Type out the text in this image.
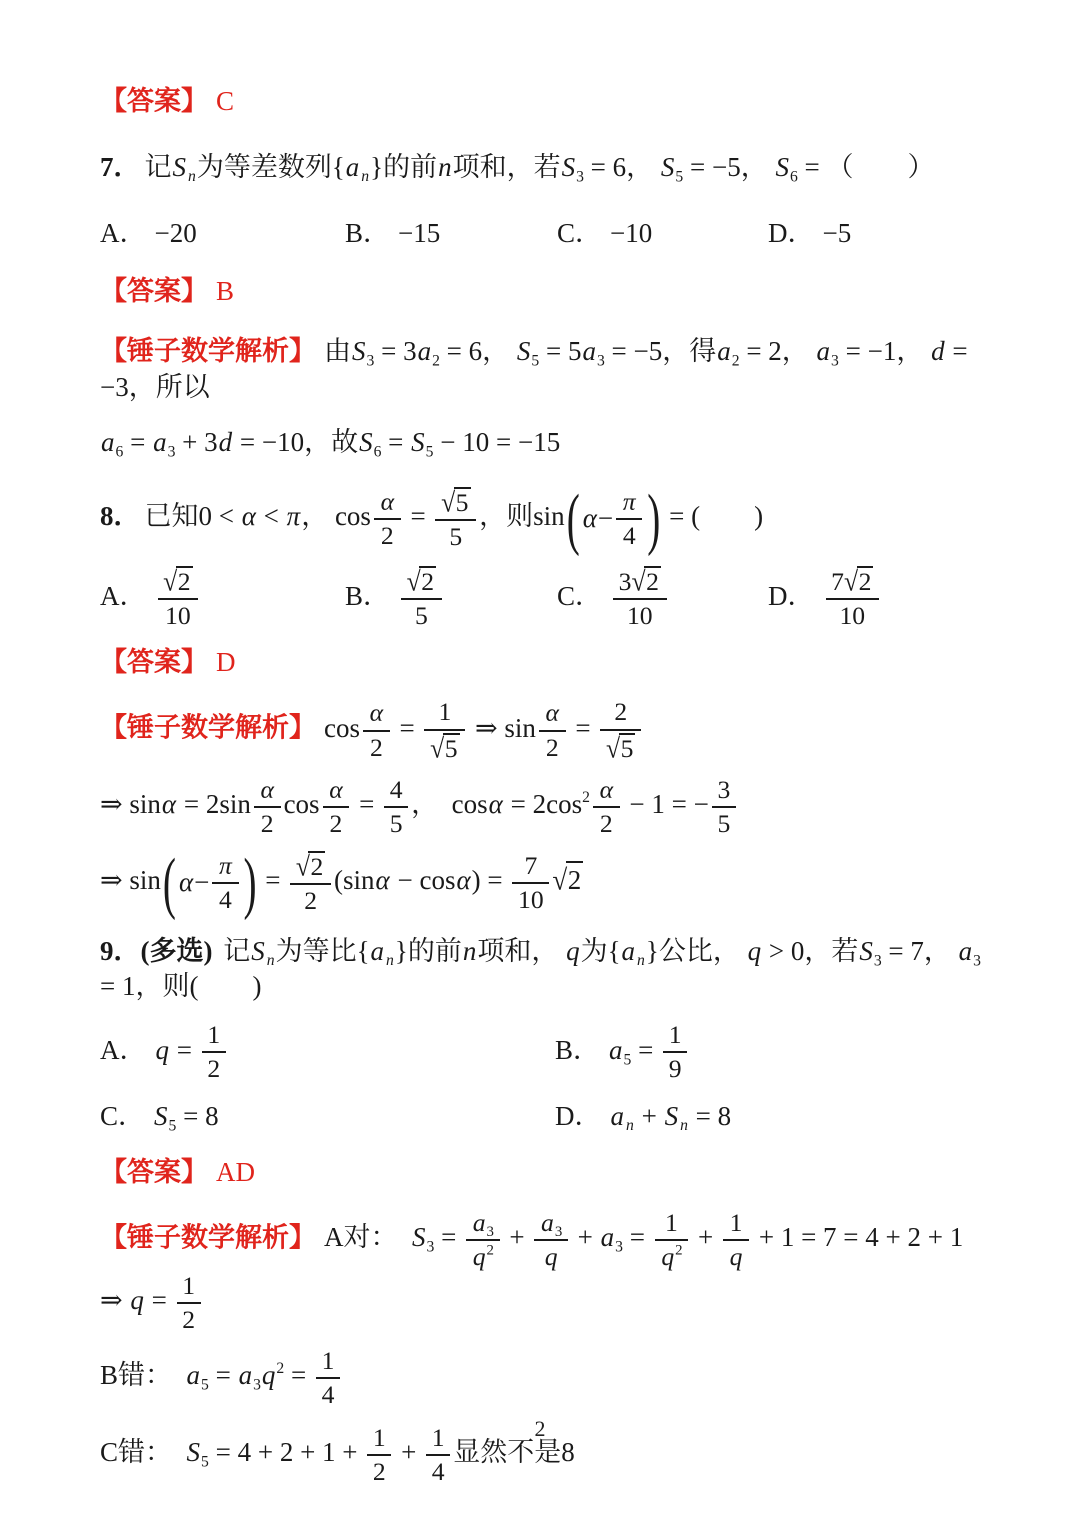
【答案】 C
7． 记S $_n$为等差数列{a $_n$}的前n项和，若$S_3 = 6$， $S_5 = -5$， $S_6$ = （　　 ）
A． −20	B． −15	C． −10	D． −5
【答案】 B
【锤子数学解析】 由$S_3 = 3a_2 = 6$， $S_5 = 5a_3 = -5$，得$a_2 = 2$， $a_3 = -1$， d = −3，所以
$a_6 = a_3 + 3d = -10$，故$S_6 = S_5 - 10 = -15$
8． 已知0 < α < π， $\cos \frac{\alpha}{2} = \frac{√5}{5}$ ，则sin ( $\alpha - \frac{\pi}{4}$ ) = (　　 )
A． $\frac{√2}{10}$	B． $\frac{√2}{5}$	C． $\frac{3√2}{10}$	D． $\frac{7√2}{10}$
【答案】 D
【锤子数学解析】 $\cos \frac{\alpha}{2} = \frac{1}{√5}$ ⇒ $\sin \frac{\alpha}{2} = \frac{2}{√5}$
⇒ $\sin\alpha = 2\sin \frac{\alpha}{2}$ $\cos \frac{\alpha}{2} = \frac{4}{5}$ ，　 $\cos\alpha = 2\cos^2 \frac{\alpha}{2} - 1$ = − $\frac{3}{5}$
⇒ sin ( $\alpha - \frac{\pi}{4}$ ) = $\frac{√2}{2} (\sin\alpha - \cos\alpha) = \frac{7}{10} √2$
9．(多选) 记S $_n$为等比{a $_n$}的前n项和， q为{a $_n$}公比， q > 0，若$S_3 = 7$， $a_3 = 1$，则(　　 )
A． $q = \frac{1}{2}$	B． $a_5 = \frac{1}{9}$
C． $S_5 = 8$	D． a $_n$ + S $_n$ = 8
【答案】 AD
【锤子数学解析】 A对：　 $S_3 = \frac{a_3}{q^2} + \frac{a_3}{q} + a_3 = \frac{1}{q^2} + \frac{1}{q} + 1 = 7 = 4 + 2 + 1$ ⇒ $q = \frac{1}{2}$
B错：　 $a_5 = a_3q^2 = \frac{1}{4}$
C错：　 $S_5 = 4 + 2 + 1 + \frac{1}{2} + \frac{1}{4}$ 显然不是8
2
